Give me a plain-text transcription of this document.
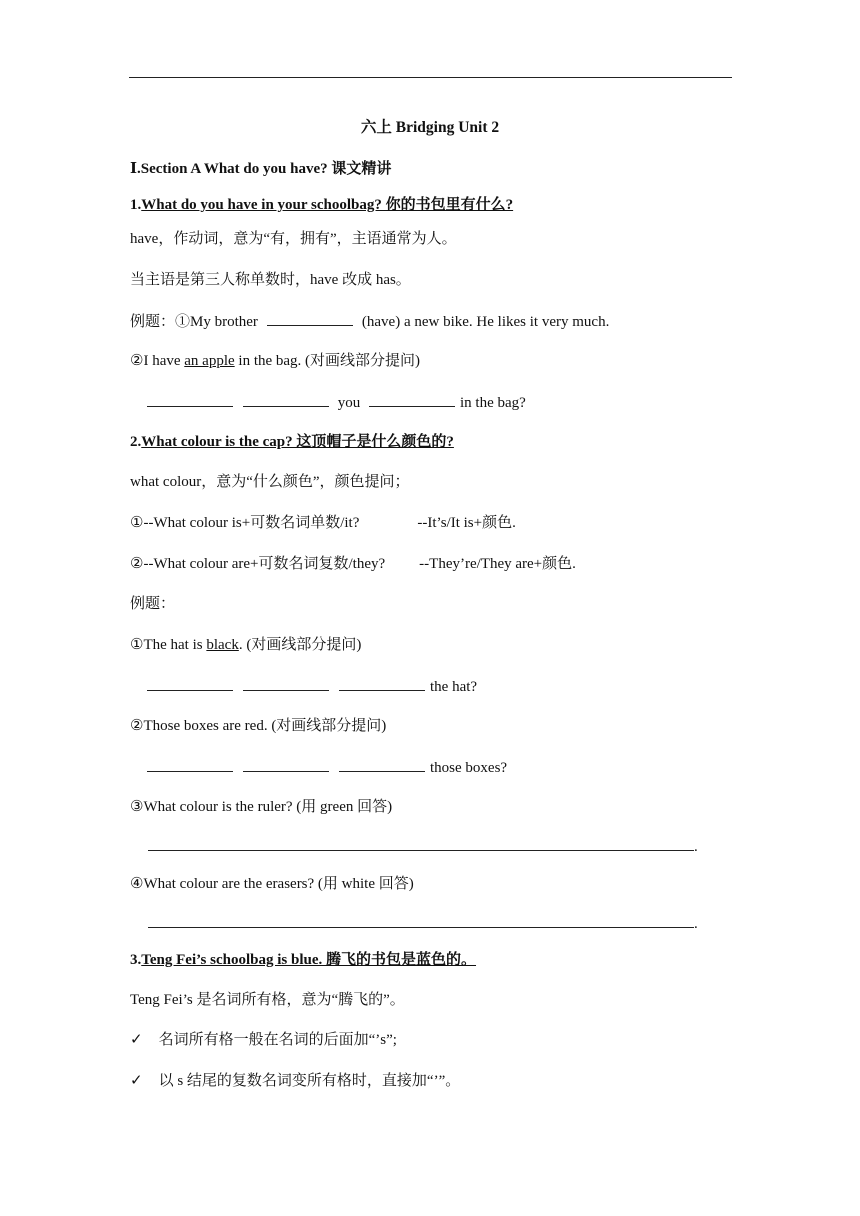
六上 Bridging Unit 2
Ⅰ.Section A What do you have? 课文精讲
1.What do you have in your schoolbag? 你的书包里有什么?
have，作动词，意为“有，拥有”，主语通常为人。
当主语是第三人称单数时，have 改成 has。
例题：①My brother	(have) a new bike. He likes it very much.
②I have an apple in the bag. (对画线部分提问)
you	in the bag?
2.What colour is the cap? 这顶帽子是什么颜色的?
what colour，意为“什么颜色”，颜色提问；
①--What colour is+可数名词单数/it?	--It’s/It is+颜色.
②--What colour are+可数名词复数/they? --They’re/They are+颜色.
例题：
①The hat is black. (对画线部分提问)
the hat?
②Those boxes are red. (对画线部分提问)
those boxes?
③What colour is the ruler? (用 green 回答)
.
④What colour are the erasers? (用 white 回答)
.
3.Teng Fei’s schoolbag is blue. 腾飞的书包是蓝色的。
Teng Fei’s 是名词所有格，意为“腾飞的”。
✓ 名词所有格一般在名词的后面加“’s”;
✓ 以 s 结尾的复数名词变所有格时，直接加“’”。
